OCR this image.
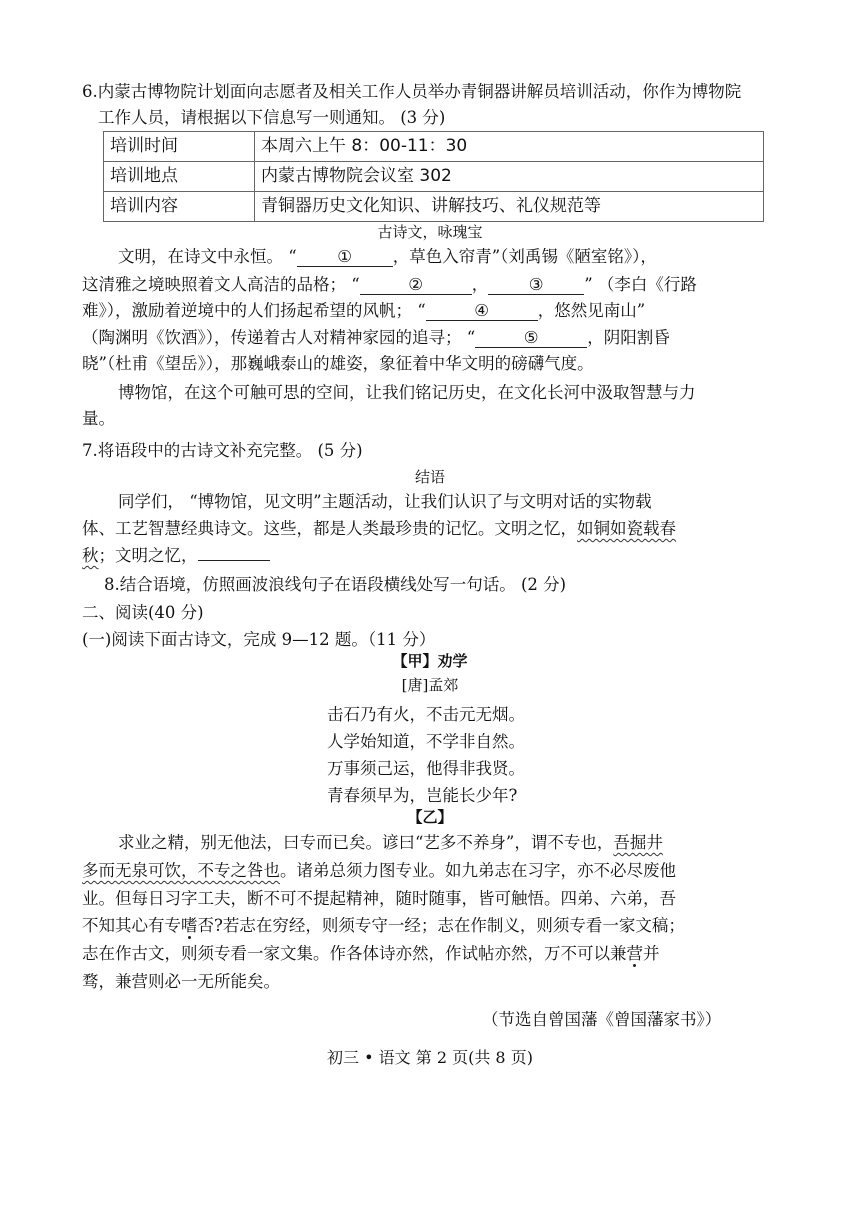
6.内蒙古博物院计划面向志愿者及相关工作人员举办青铜器讲解员培训活动，你作为博物院
工作人员，请根据以下信息写一则通知。 (3 分)
培训时间	本周六上午 8：00-11：30
培训地点	内蒙古博物院会议室 302
培训内容	青铜器历史文化知识、讲解技巧、礼仪规范等
古诗文，咏瑰宝
文明，在诗文中永恒。 “ ① ，草色入帘青”（刘禹锡《陋室铭》），
这清雅之境映照着文人高洁的品格； “	②	， ③ ” （李白《行路
难》），激励着逆境中的人们扬起希望的风帆； “	④	，悠然见南山”
（陶渊明《饮酒》），传递着古人对精神家园的追寻； “	⑤	，阴阳割昏
晓”（杜甫《望岳》），那巍峨泰山的雄姿，象征着中华文明的磅礴气度。
博物馆，在这个可触可思的空间，让我们铭记历史，在文化长河中汲取智慧与力
量。
7.将语段中的古诗文补充完整。 (5 分)
结语
同学们， “博物馆，见文明”主题活动，让我们认识了与文明对话的实物载
体、工艺智慧经典诗文。这些，都是人类最珍贵的记忆。文明之忆，如铜如瓷载春
秋；文明之忆，
8.结合语境，仿照画波浪线句子在语段横线处写一句话。 (2 分)
二、阅读(40 分)
(一)阅读下面古诗文，完成 9—12 题。（11 分）
【甲】劝学
[唐]孟郊
击石乃有火，不击元无烟。
人学始知道，不学非自然。
万事须己运，他得非我贤。
青春须早为，岂能长少年?
【乙】
求业之精，别无他法，曰专而已矣。谚曰“艺多不养身”，谓不专也，吾掘井
多而无泉可饮，不专之咎也。诸弟总须力图专业。如九弟志在习字，亦不必尽废他
业。但每日习字工夫，断不可不提起精神，随时随事，皆可触悟。四弟、六弟，吾
不知其心有专嗜否?若志在穷经，则须专守一经；志在作制义，则须专看一家文稿；
志在作古文，则须专看一家文集。作各体诗亦然，作试帖亦然，万不可以兼营并
骛，兼营则必一无所能矣。
（节选自曾国藩《曾国藩家书》）
初三 • 语文 第 2 页(共 8 页)
